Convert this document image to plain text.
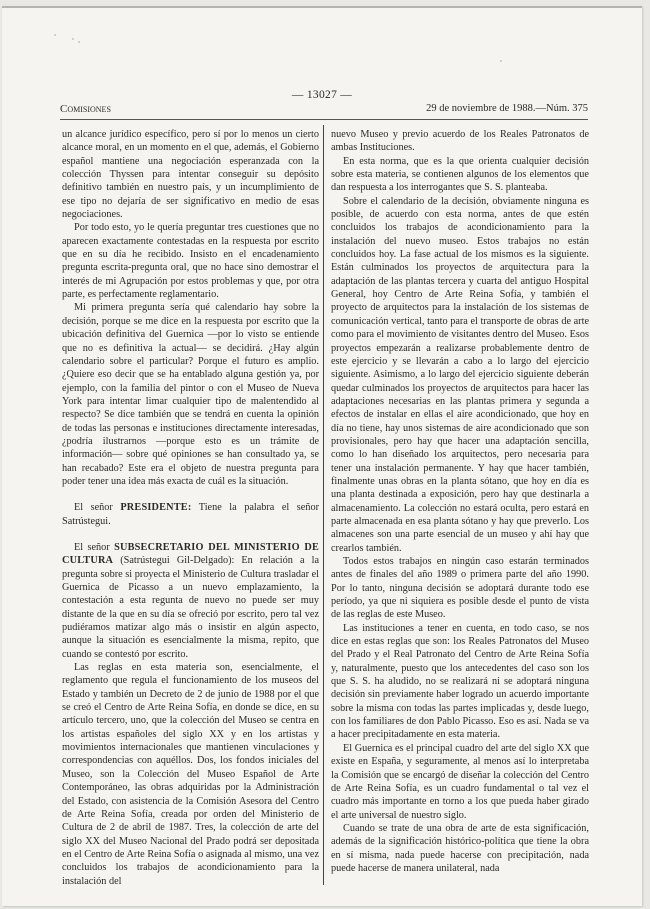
— 13027 —
Comisiones	29 de noviembre de 1988.—Núm. 375

un alcance jurídico específico, pero sí por lo menos un cierto alcance moral, en un momento en el que, además, el Gobierno español mantiene una negociación esperanzada con la colección Thyssen para intentar conseguir su depósito definitivo también en nuestro país, y un incumplimiento de ese tipo no dejaría de ser significativo en medio de esas negociaciones.

Por todo esto, yo le quería preguntar tres cuestiones que no aparecen exactamente contestadas en la respuesta por escrito que en su día he recibido. Insisto en el encadenamiento pregunta escrita-pregunta oral, que no hace sino demostrar el interés de mi Agrupación por estos problemas y que, por otra parte, es perfectamente reglamentario.

Mi primera pregunta sería qué calendario hay sobre la decisión, porque se me dice en la respuesta por escrito que la ubicación definitiva del Guernica —por lo visto se entiende que no es definitiva la actual— se decidirá. ¿Hay algún calendario sobre el particular? Porque el futuro es amplio. ¿Quiere eso decir que se ha entablado alguna gestión ya, por ejemplo, con la familia del pintor o con el Museo de Nueva York para intentar limar cualquier tipo de malentendido al respecto? Se dice también que se tendrá en cuenta la opinión de todas las personas e instituciones directamente interesadas, ¿podría ilustrarnos —porque esto es un trámite de información— sobre qué opiniones se han consultado ya, se han recabado? Este era el objeto de nuestra pregunta para poder tener una idea más exacta de cuál es la situación.

El señor PRESIDENTE: Tiene la palabra el señor Satrústegui.

El señor SUBSECRETARIO DEL MINISTERIO DE CULTURA (Satrústegui Gil-Delgado): En relación a la pregunta sobre si proyecta el Ministerio de Cultura trasladar el Guernica de Picasso a un nuevo emplazamiento, la contestación a esta regunta de nuevo no puede ser muy distante de la que en su día se ofreció por escrito, pero tal vez pudiéramos matizar algo más o insistir en algún aspecto, aunque la situación es esencialmente la misma, repito, que cuando se contestó por escrito.

Las reglas en esta materia son, esencialmente, el reglamento que regula el funcionamiento de los museos del Estado y también un Decreto de 2 de junio de 1988 por el que se creó el Centro de Arte Reina Sofía, en donde se dice, en su artículo tercero, uno, que la colección del Museo se centra en los artistas españoles del siglo XX y en los artistas y movimientos internacionales que mantienen vinculaciones y correspondencias con aquéllos. Dos, los fondos iniciales del Museo, son la Colección del Museo Español de Arte Contemporáneo, las obras adquiridas por la Administración del Estado, con asistencia de la Comisión Asesora del Centro de Arte Reina Sofía, creada por orden del Ministerio de Cultura de 2 de abril de 1987. Tres, la colección de arte del siglo XX del Museo Nacional del Prado podrá ser depositada en el Centro de Arte Reina Sofía o asignada al mismo, una vez concluidos los trabajos de acondicionamiento para la instalación del

nuevo Museo y previo acuerdo de los Reales Patronatos de ambas Instituciones.

En esta norma, que es la que orienta cualquier decisión sobre esta materia, se contienen algunos de los elementos que dan respuesta a los interrogantes que S. S. planteaba.

Sobre el calendario de la decisión, obviamente ninguna es posible, de acuerdo con esta norma, antes de que estén concluidos los trabajos de acondicionamiento para la instalación del nuevo museo. Estos trabajos no están concluidos hoy. La fase actual de los mismos es la siguiente. Están culminados los proyectos de arquitectura para la adaptación de las plantas tercera y cuarta del antiguo Hospital General, hoy Centro de Arte Reina Sofía, y también el proyecto de arquitectos para la instalación de los sistemas de comunicación vertical, tanto para el transporte de obras de arte como para el movimiento de visitantes dentro del Museo. Esos proyectos empezarán a realizarse probablemente dentro de este ejercicio y se llevarán a cabo a lo largo del ejercicio siguiente. Asimismo, a lo largo del ejercicio siguiente deberán quedar culminados los proyectos de arquitectos para hacer las adaptaciones necesarias en las plantas primera y segunda a efectos de instalar en ellas el aire acondicionado, que hoy en día no tiene, hay unos sistemas de aire acondicionado que son provisionales, pero hay que hacer una adaptación sencilla, como lo han diseñado los arquitectos, pero necesaria para tener una instalación permanente. Y hay que hacer también, finalmente unas obras en la planta sótano, que hoy en día es una planta destinada a exposición, pero hay que destinarla a almacenamiento. La colección no estará oculta, pero estará en parte almacenada en esa planta sótano y hay que preverlo. Los almacenes son una parte esencial de un museo y ahí hay que crearlos también.

Todos estos trabajos en ningún caso estarán terminados antes de finales del año 1989 o primera parte del año 1990. Por lo tanto, ninguna decisión se adoptará durante todo ese período, ya que ni siquiera es posible desde el punto de vista de las reglas de este Museo.

Las instituciones a tener en cuenta, en todo caso, se nos dice en estas reglas que son: los Reales Patronatos del Museo del Prado y el Real Patronato del Centro de Arte Reina Sofía y, naturalmente, puesto que los antecedentes del caso son los que S. S. ha aludido, no se realizará ni se adoptará ninguna decisión sin previamente haber logrado un acuerdo importante sobre la misma con todas las partes implicadas y, desde luego, con los familiares de don Pablo Picasso. Eso es así. Nada se va a hacer precipitadamente en esta materia.

El Guernica es el principal cuadro del arte del siglo XX que existe en España, y seguramente, al menos así lo interpretaba la Comisión que se encargó de diseñar la colección del Centro de Arte Reina Sofía, es un cuadro fundamental o tal vez el cuadro más importante en torno a los que pueda haber girado el arte universal de nuestro siglo.

Cuando se trate de una obra de arte de esta significación, además de la significación histórico-política que tiene la obra en sí misma, nada puede hacerse con precipitación, nada puede hacerse de manera unilateral, nada
